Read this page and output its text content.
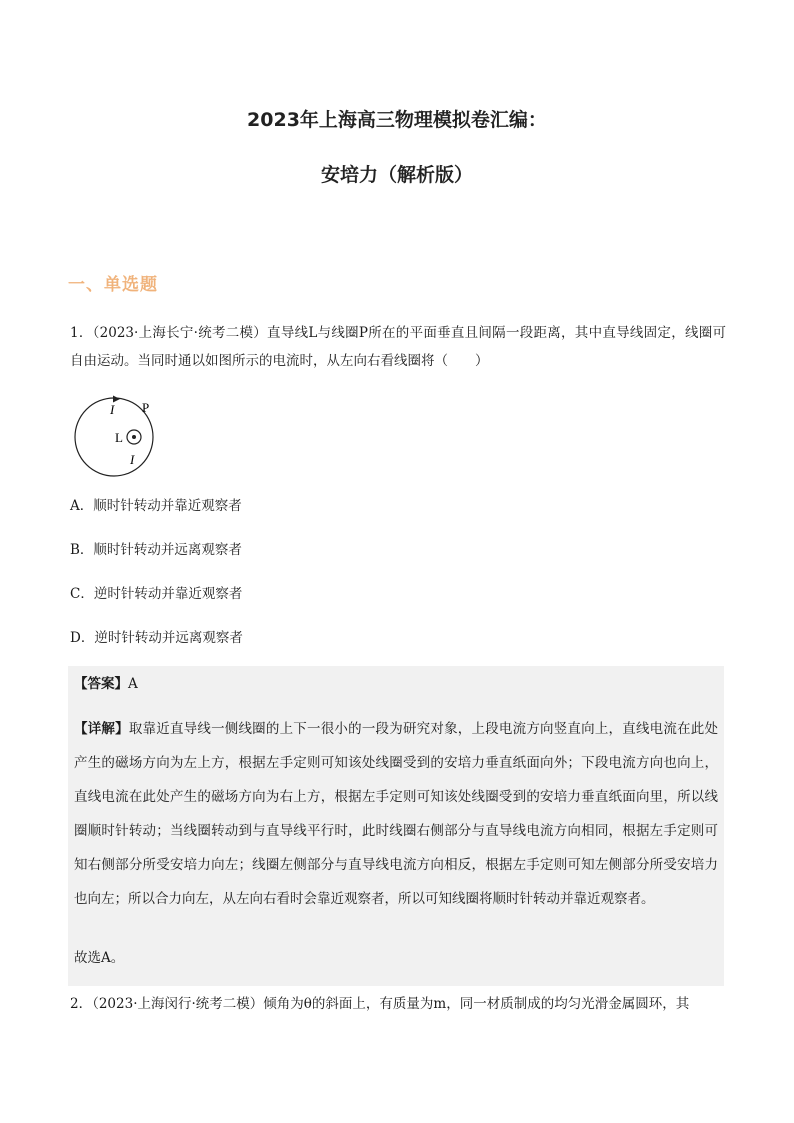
2023年上海高三物理模拟卷汇编：
安培力（解析版）
一、单选题
1．（2023·上海长宁·统考二模）直导线L与线圈P所在的平面垂直且间隔一段距离，其中直导线固定，线圈可自由运动。当同时通以如图所示的电流时，从左向右看线圈将（　　）
I P
L
I
A．顺时针转动并靠近观察者
B．顺时针转动并远离观察者
C．逆时针转动并靠近观察者
D．逆时针转动并远离观察者
【答案】A
【详解】取靠近直导线一侧线圈的上下一很小的一段为研究对象，上段电流方向竖直向上，直线电流在此处产生的磁场方向为左上方，根据左手定则可知该处线圈受到的安培力垂直纸面向外；下段电流方向也向上，直线电流在此处产生的磁场方向为右上方，根据左手定则可知该处线圈受到的安培力垂直纸面向里，所以线圈顺时针转动；当线圈转动到与直导线平行时，此时线圈右侧部分与直导线电流方向相同，根据左手定则可知右侧部分所受安培力向左；线圈左侧部分与直导线电流方向相反，根据左手定则可知左侧部分所受安培力也向左；所以合力向左，从左向右看时会靠近观察者，所以可知线圈将顺时针转动并靠近观察者。
故选A。
2．（2023·上海闵行·统考二模）倾角为θ的斜面上，有质量为m，同一材质制成的均匀光滑金属圆环，其
